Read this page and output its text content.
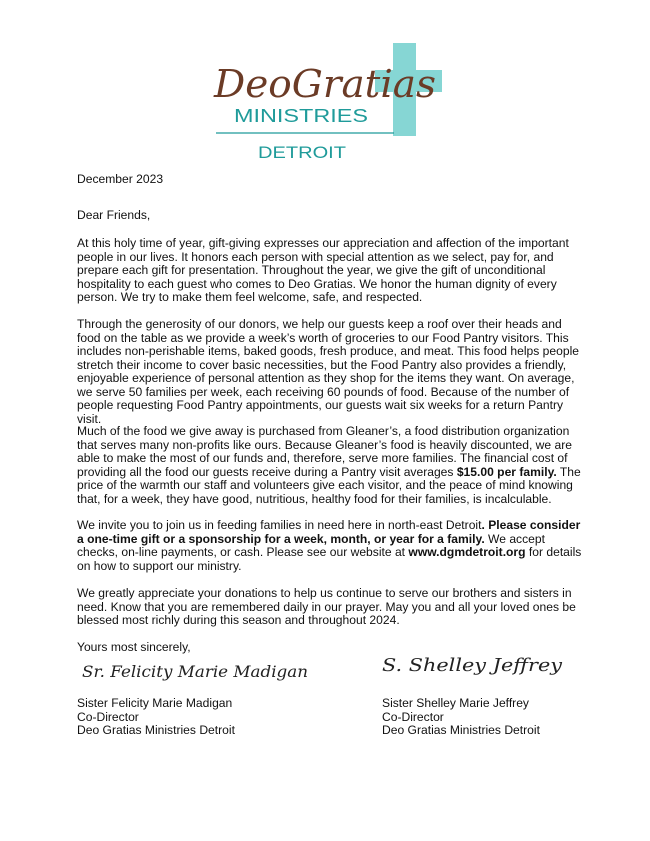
DeoGratias
MINISTRIES
DETROIT

December 2023

Dear Friends,

At this holy time of year, gift-giving expresses our appreciation and affection of the important people in our lives. It honors each person with special attention as we select, pay for, and prepare each gift for presentation. Throughout the year, we give the gift of unconditional hospitality to each guest who comes to Deo Gratias. We honor the human dignity of every person. We try to make them feel welcome, safe, and respected.

Through the generosity of our donors, we help our guests keep a roof over their heads and food on the table as we provide a week’s worth of groceries to our Food Pantry visitors. This includes non-perishable items, baked goods, fresh produce, and meat. This food helps people stretch their income to cover basic necessities, but the Food Pantry also provides a friendly, enjoyable experience of personal attention as they shop for the items they want. On average, we serve 50 families per week, each receiving 60 pounds of food. Because of the number of people requesting Food Pantry appointments, our guests wait six weeks for a return Pantry visit.

Much of the food we give away is purchased from Gleaner’s, a food distribution organization that serves many non-profits like ours. Because Gleaner’s food is heavily discounted, we are able to make the most of our funds and, therefore, serve more families. The financial cost of providing all the food our guests receive during a Pantry visit averages $15.00 per family. The price of the warmth our staff and volunteers give each visitor, and the peace of mind knowing that, for a week, they have good, nutritious, healthy food for their families, is incalculable.

We invite you to join us in feeding families in need here in north-east Detroit. Please consider a one-time gift or a sponsorship for a week, month, or year for a family. We accept checks, on-line payments, or cash. Please see our website at www.dgmdetroit.org for details on how to support our ministry.

We greatly appreciate your donations to help us continue to serve our brothers and sisters in need. Know that you are remembered daily in our prayer. May you and all your loved ones be blessed most richly during this season and throughout 2024.

Yours most sincerely,

Sr. Felicity Marie Madigan	S. Shelley Jeffrey
Sister Felicity Marie Madigan
Co-Director
Deo Gratias Ministries Detroit
Sister Shelley Marie Jeffrey
Co-Director
Deo Gratias Ministries Detroit
